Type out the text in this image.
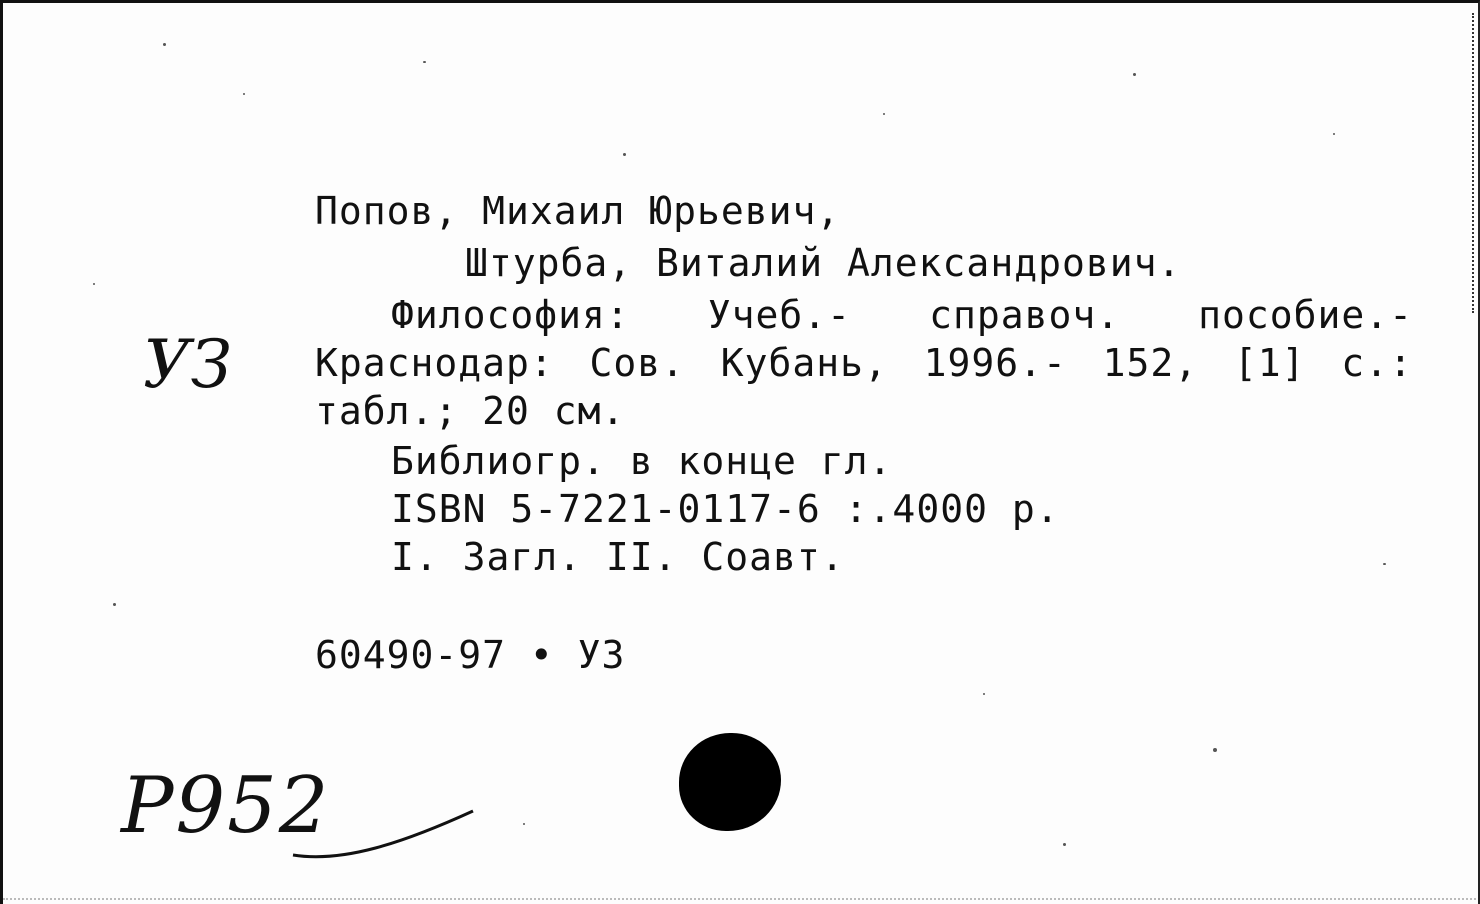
УЗ
Попов, Михаил Юрьевич,
Штурба, Виталий Александрович.
Философия: Учеб.- справоч. пособие.-
Краснодар: Сов. Кубань, 1996.- 152, [1] с.:
табл.; 20 см.
Библиогр. в конце гл.
ISBN 5-7221-0117-6 :.4000 р.
I. Загл. II. Соавт.
60490-97 • УЗ
Р952
